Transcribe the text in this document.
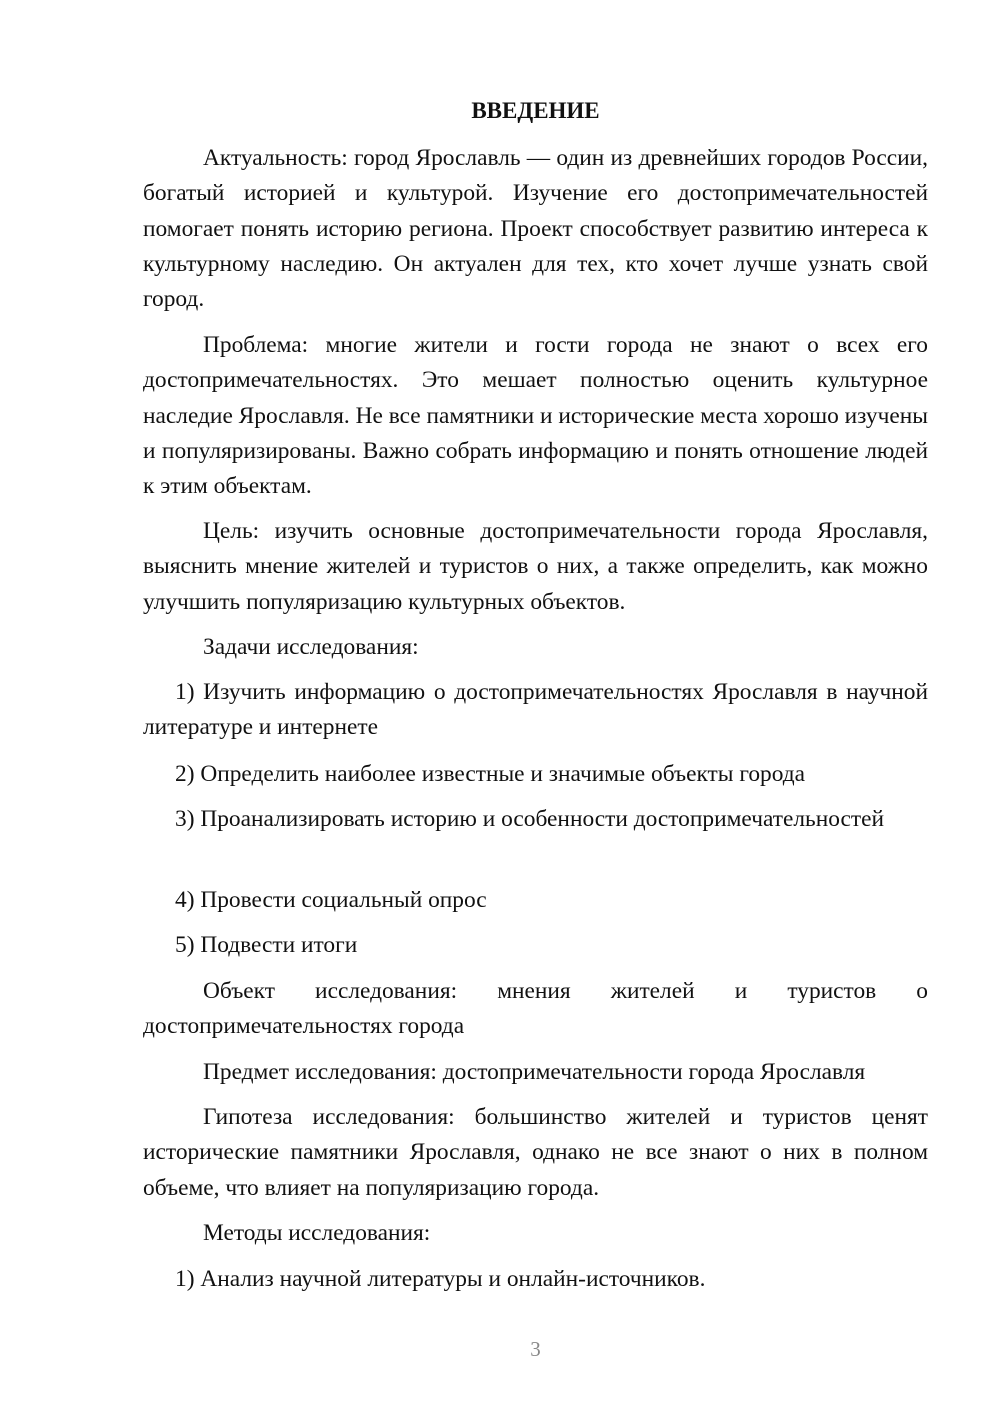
ВВЕДЕНИЕ

Актуальность: город Ярославль — один из древнейших городов России, богатый историей и культурой. Изучение его достопримечательностей помогает понять историю региона. Проект способствует развитию интереса к культурному наследию. Он актуален для тех, кто хочет лучше узнать свой город.

Проблема: многие жители и гости города не знают о всех его достопримечательностях. Это мешает полностью оценить культурное наследие Ярославля. Не все памятники и исторические места хорошо изучены и популяризированы. Важно собрать информацию и понять отношение людей к этим объектам.

Цель: изучить основные достопримечательности города Ярославля, выяснить мнение жителей и туристов о них, а также определить, как можно улучшить популяризацию культурных объектов.

Задачи исследования:

1) Изучить информацию о достопримечательностях Ярославля в научной литературе и интернете

2) Определить наиболее известные и значимые объекты города

3) Проанализировать историю и особенности достопримечательностей

4) Провести социальный опрос

5) Подвести итоги

Объект исследования: мнения жителей и туристов о достопримечательностях города

Предмет исследования: достопримечательности города Ярославля

Гипотеза исследования: большинство жителей и туристов ценят исторические памятники Ярославля, однако не все знают о них в полном объеме, что влияет на популяризацию города.

Методы исследования:

1) Анализ научной литературы и онлайн-источников.

3
